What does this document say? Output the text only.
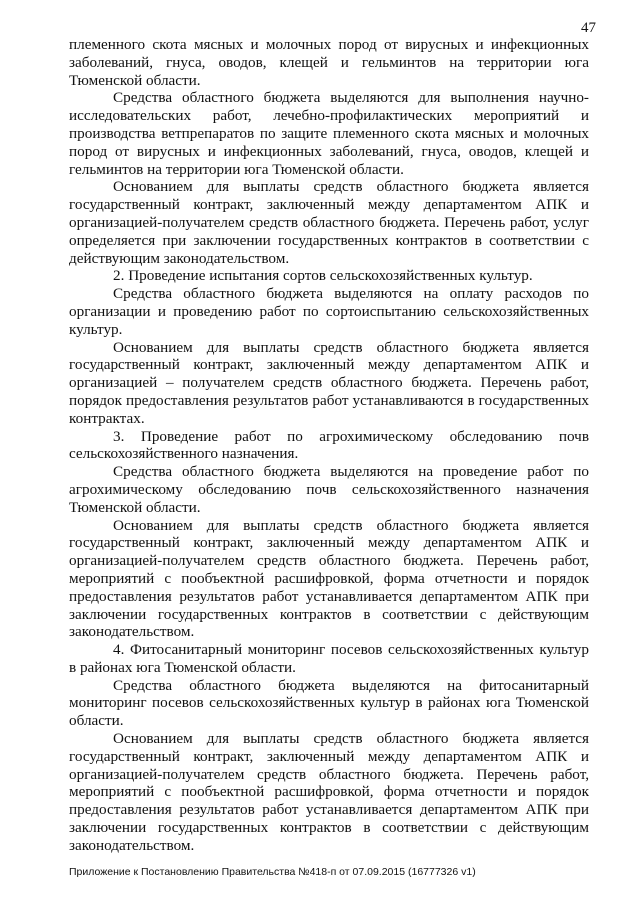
47

племенного скота мясных и молочных пород от вирусных и инфекционных заболеваний, гнуса, оводов, клещей и гельминтов на территории юга Тюменской области.

Средства областного бюджета выделяются для выполнения научно-исследовательских работ, лечебно-профилактических мероприятий и производства ветпрепаратов по защите племенного скота мясных и молочных пород от вирусных и инфекционных заболеваний, гнуса, оводов, клещей и гельминтов на территории юга Тюменской области.

Основанием для выплаты средств областного бюджета является государственный контракт, заключенный между департаментом АПК и организацией-получателем средств областного бюджета. Перечень работ, услуг определяется при заключении государственных контрактов в соответствии с действующим законодательством.

2. Проведение испытания сортов сельскохозяйственных культур.

Средства областного бюджета выделяются на оплату расходов по организации и проведению работ по сортоиспытанию сельскохозяйственных культур.

Основанием для выплаты средств областного бюджета является государственный контракт, заключенный между департаментом АПК и организацией – получателем средств областного бюджета. Перечень работ, порядок предоставления результатов работ устанавливаются в государственных контрактах.

3. Проведение работ по агрохимическому обследованию почв сельскохозяйственного назначения.

Средства областного бюджета выделяются на проведение работ по агрохимическому обследованию почв сельскохозяйственного назначения Тюменской области.

Основанием для выплаты средств областного бюджета является государственный контракт, заключенный между департаментом АПК и организацией-получателем средств областного бюджета. Перечень работ, мероприятий с пообъектной расшифровкой, форма отчетности и порядок предоставления результатов работ устанавливается департаментом АПК при заключении государственных контрактов в соответствии с действующим законодательством.

4. Фитосанитарный мониторинг посевов сельскохозяйственных культур в районах юга Тюменской области.

Средства областного бюджета выделяются на фитосанитарный мониторинг посевов сельскохозяйственных культур в районах юга Тюменской области.

Основанием для выплаты средств областного бюджета является государственный контракт, заключенный между департаментом АПК и организацией-получателем средств областного бюджета. Перечень работ, мероприятий с пообъектной расшифровкой, форма отчетности и порядок предоставления результатов работ устанавливается департаментом АПК при заключении государственных контрактов в соответствии с действующим законодательством.

Приложение к Постановлению Правительства №418-п от 07.09.2015 (16777326 v1)
